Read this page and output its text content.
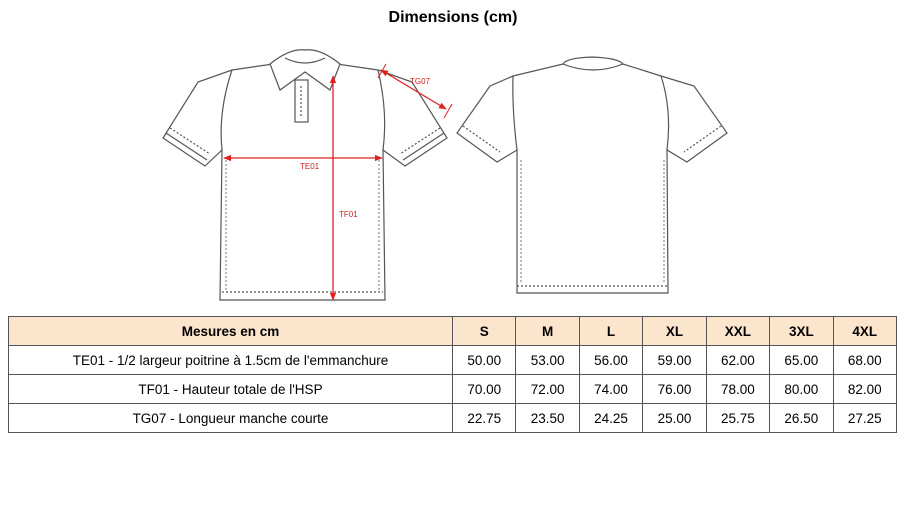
Dimensions (cm)
TE01
TF01
TG07
Mesures en cm	S	M	L	XL	XXL	3XL	4XL
TE01 - 1/2 largeur poitrine à 1.5cm de l'emmanchure	50.00	53.00	56.00	59.00	62.00	65.00	68.00
TF01 - Hauteur totale de l'HSP	70.00	72.00	74.00	76.00	78.00	80.00	82.00
TG07 - Longueur manche courte	22.75	23.50	24.25	25.00	25.75	26.50	27.25
